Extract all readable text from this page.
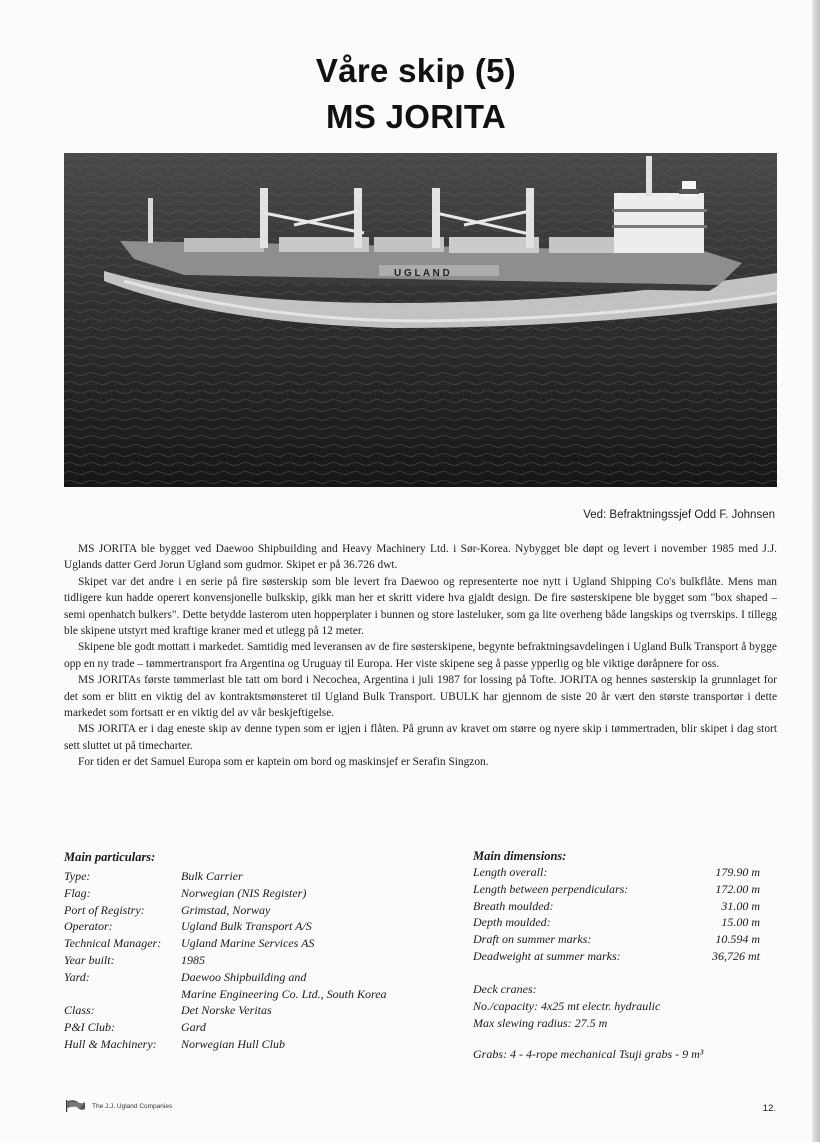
Våre skip (5)
MS JORITA
U G L A N D
Ved: Befraktningssjef Odd F. Johnsen

MS JORITA ble bygget ved Daewoo Shipbuilding and Heavy Machinery Ltd. i Sør-Korea. Nybygget ble døpt og levert i november 1985 med J.J. Uglands datter Gerd Jorun Ugland som gudmor. Skipet er på 36.726 dwt.

Skipet var det andre i en serie på fire søsterskip som ble levert fra Daewoo og representerte noe nytt i Ugland Shipping Co's bulkflåte. Mens man tidligere kun hadde operert konvensjonelle bulkskip, gikk man her et skritt videre hva gjaldt design. De fire søsterskipene ble bygget som "box shaped – semi openhatch bulkers". Dette betydde lasterom uten hopperplater i bunnen og store lasteluker, som ga lite overheng både langskips og tverrskips. I tillegg ble skipene utstyrt med kraftige kraner med et utlegg på 12 meter.

Skipene ble godt mottatt i markedet. Samtidig med leveransen av de fire søsterskipene, begynte befraktningsavdelingen i Ugland Bulk Transport å bygge opp en ny trade – tømmertransport fra Argentina og Uruguay til Europa. Her viste skipene seg å passe ypperlig og ble viktige døråpnere for oss.

MS JORITAs første tømmerlast ble tatt om bord i Necochea, Argentina i juli 1987 for lossing på Tofte. JORITA og hennes søsterskip la grunnlaget for det som er blitt en viktig del av kontraktsmønsteret til Ugland Bulk Transport. UBULK har gjennom de siste 20 år vært den største transportør i dette markedet som fortsatt er en viktig del av vår beskjeftigelse.

MS JORITA er i dag eneste skip av denne typen som er igjen i flåten. På grunn av kravet om større og nyere skip i tømmertraden, blir skipet i dag stort sett sluttet ut på timecharter.

For tiden er det Samuel Europa som er kaptein om bord og maskinsjef er Serafin Singzon.

Main particulars:
Type:	Bulk Carrier
Flag:	Norwegian (NIS Register)
Port of Registry:	Grimstad, Norway
Operator:	Ugland Bulk Transport A/S
Technical Manager:	Ugland Marine Services AS
Year built:	1985
Yard:	Daewoo Shipbuilding and
Marine Engineering Co. Ltd., South Korea
Class:	Det Norske Veritas
P&I Club:	Gard
Hull & Machinery:	Norwegian Hull Club
Main dimensions:
Length overall:	179.90 m
Length between perpendiculars:	172.00 m
Breath moulded:	31.00 m
Depth moulded:	15.00 m
Draft on summer marks:	10.594 m
Deadweight at summer marks:	36,726 mt
Deck cranes:
No./capacity: 4x25 mt electr. hydraulic
Max slewing radius: 27.5 m
Grabs: 4 - 4-rope mechanical Tsuji grabs - 9 m³
The J.J. Ugland Companies	12.
